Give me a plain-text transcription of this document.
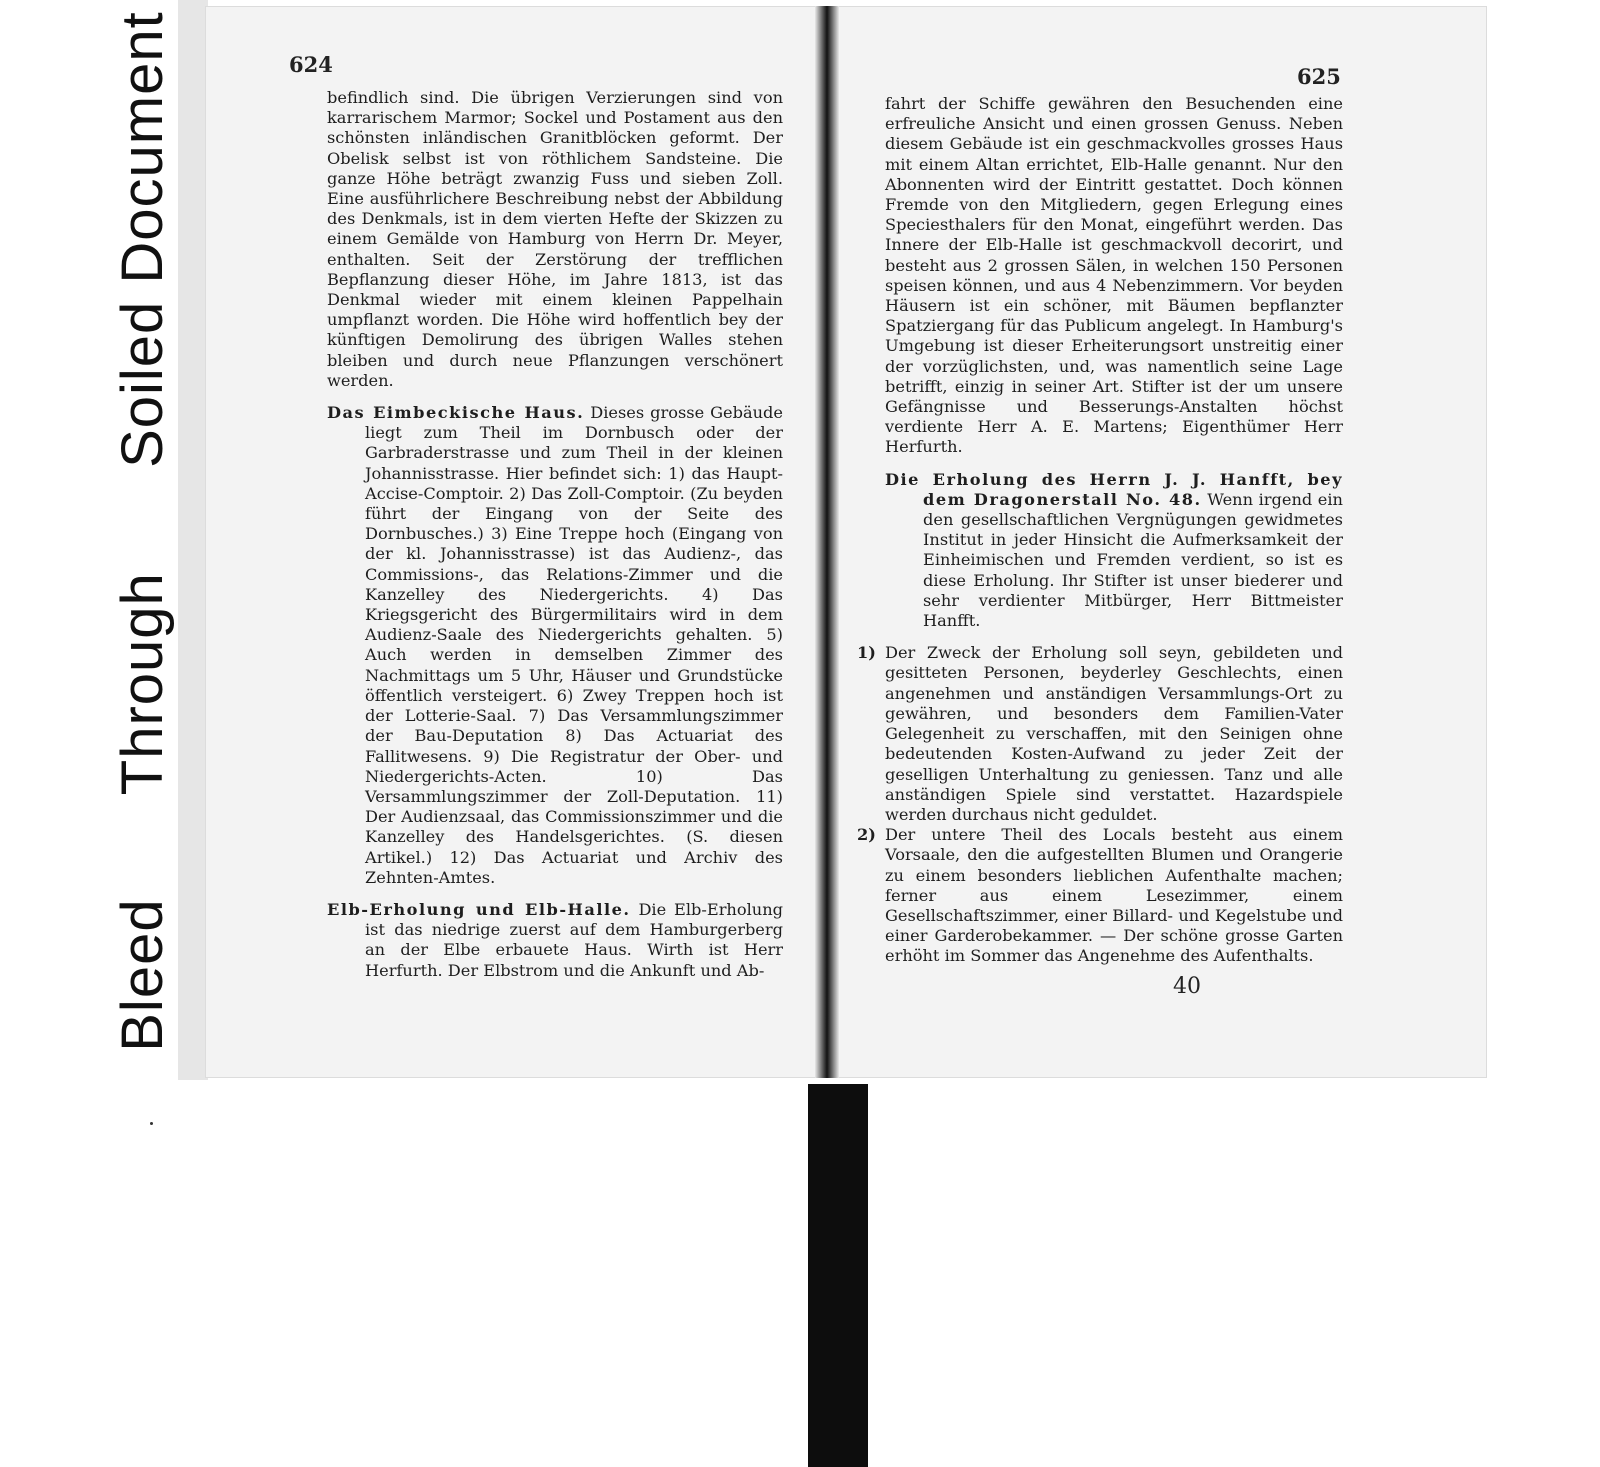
Bleed  Through  Soiled Document	624

befindlich sind. Die übrigen Verzierungen sind von karrarischem Marmor; Sockel und Postament aus den schönsten inländischen Granitblöcken geformt. Der Obelisk selbst ist von röthlichem Sandsteine. Die ganze Höhe beträgt zwanzig Fuss und sieben Zoll. Eine ausführlichere Beschreibung nebst der Abbildung des Denkmals, ist in dem vierten Hefte der Skizzen zu einem Gemälde von Hamburg von Herrn Dr. Meyer, enthalten. Seit der Zerstörung der trefflichen Bepflanzung dieser Höhe, im Jahre 1813, ist das Denkmal wieder mit einem kleinen Pappelhain umpflanzt worden. Die Höhe wird hoffentlich bey der künftigen Demolirung des übrigen Walles stehen bleiben und durch neue Pflanzungen verschönert werden.

Das Eimbeckische Haus. Dieses grosse Gebäude liegt zum Theil im Dornbusch oder der Garbraderstrasse und zum Theil in der kleinen Johannisstrasse. Hier befindet sich: 1) das Haupt-Accise-Comptoir. 2) Das Zoll-Comptoir. (Zu beyden führt der Eingang von der Seite des Dornbusches.) 3) Eine Treppe hoch (Eingang von der kl. Johannisstrasse) ist das Audienz-, das Commissions-, das Relations-Zimmer und die Kanzelley des Niedergerichts. 4) Das Kriegsgericht des Bürgermilitairs wird in dem Audienz-Saale des Niedergerichts gehalten. 5) Auch werden in demselben Zimmer des Nachmittags um 5 Uhr, Häuser und Grundstücke öffentlich versteigert. 6) Zwey Treppen hoch ist der Lotterie-Saal. 7) Das Versammlungszimmer der Bau-Deputation 8) Das Actuariat des Fallitwesens. 9) Die Registratur der Ober- und Niedergerichts-Acten. 10) Das Versammlungszimmer der Zoll-Deputation. 11) Der Audienzsaal, das Commissionszimmer und die Kanzelley des Handelsgerichtes. (S. diesen Artikel.) 12) Das Actuariat und Archiv des Zehnten-Amtes.

Elb-Erholung und Elb-Halle. Die Elb-Erholung ist das niedrige zuerst auf dem Hamburgerberg an der Elbe erbauete Haus. Wirth ist Herr Herfurth. Der Elbstrom und die Ankunft und Ab-

625

fahrt der Schiffe gewähren den Besuchenden eine erfreuliche Ansicht und einen grossen Genuss. Neben diesem Gebäude ist ein geschmackvolles grosses Haus mit einem Altan errichtet, Elb-Halle genannt. Nur den Abonnenten wird der Eintritt gestattet. Doch können Fremde von den Mitgliedern, gegen Erlegung eines Speciesthalers für den Monat, eingeführt werden. Das Innere der Elb-Halle ist geschmackvoll decorirt, und besteht aus 2 grossen Sälen, in welchen 150 Personen speisen können, und aus 4 Nebenzimmern. Vor beyden Häusern ist ein schöner, mit Bäumen bepflanzter Spatziergang für das Publicum angelegt. In Hamburg's Umgebung ist dieser Erheiterungsort unstreitig einer der vorzüglichsten, und, was namentlich seine Lage betrifft, einzig in seiner Art. Stifter ist der um unsere Gefängnisse und Besserungs-Anstalten höchst verdiente Herr A. E. Martens; Eigenthümer Herr Herfurth.

Die Erholung des Herrn J. J. Hanfft, bey dem Dragonerstall No. 48. Wenn irgend ein den gesellschaftlichen Vergnügungen gewidmetes Institut in jeder Hinsicht die Aufmerksamkeit der Einheimischen und Fremden verdient, so ist es diese Erholung. Ihr Stifter ist unser biederer und sehr verdienter Mitbürger, Herr Bittmeister Hanfft.

1) Der Zweck der Erholung soll seyn, gebildeten und gesitteten Personen, beyderley Geschlechts, einen angenehmen und anständigen Versammlungs-Ort zu gewähren, und besonders dem Familien-Vater Gelegenheit zu verschaffen, mit den Seinigen ohne bedeutenden Kosten-Aufwand zu jeder Zeit der geselligen Unterhaltung zu geniessen. Tanz und alle anständigen Spiele sind verstattet. Hazardspiele werden durchaus nicht geduldet.
2) Der untere Theil des Locals besteht aus einem Vorsaale, den die aufgestellten Blumen und Orangerie zu einem besonders lieblichen Aufenthalte machen; ferner aus einem Lesezimmer, einem Gesellschaftszimmer, einer Billard- und Kegelstube und einer Garderobekammer. — Der schöne grosse Garten erhöht im Sommer das Angenehme des Aufenthalts.
40
